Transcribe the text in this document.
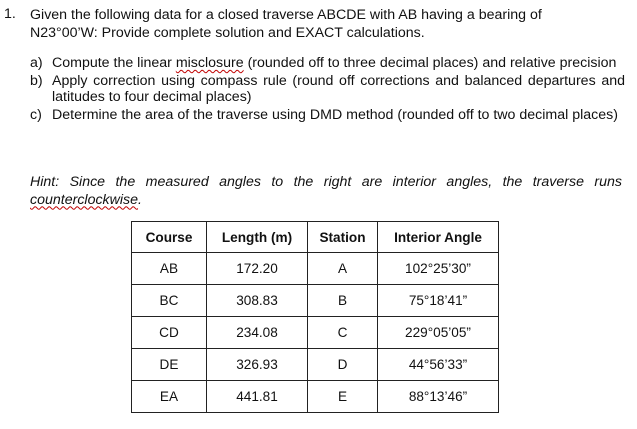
1. Given the following data for a closed traverse ABCDE with AB having a bearing of
N23°00’W: Provide complete solution and EXACT calculations.
a) Compute the linear misclosure (rounded off to three decimal places) and relative precision
b) Apply correction using compass rule (round off corrections and balanced departures and latitudes to four decimal places)
c) Determine the area of the traverse using DMD method (rounded off to two decimal places)
Hint: Since the measured angles to the right are interior angles, the traverse runs counterclockwise.
Course	Length (m)	Station	Interior Angle
AB	172.20	A	102°25’30”
BC	308.83	B	75°18’41”
CD	234.08	C	229°05’05”
DE	326.93	D	44°56’33”
EA	441.81	E	88°13’46”
